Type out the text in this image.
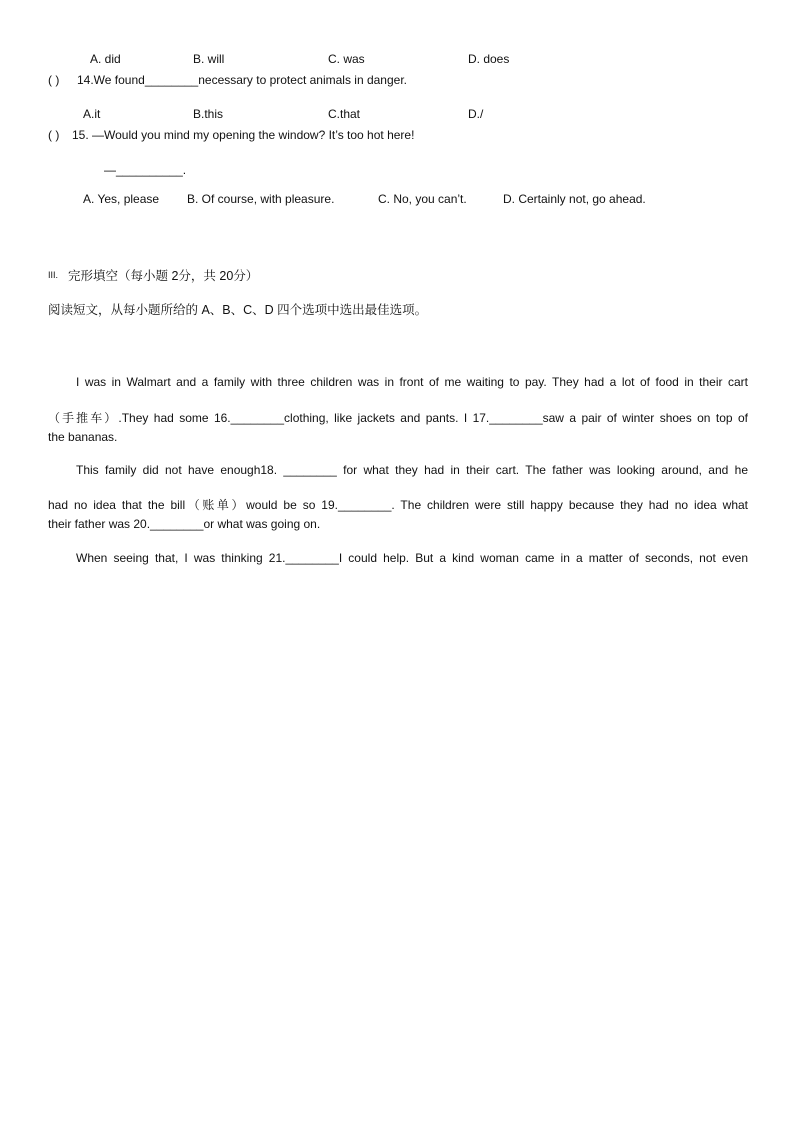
A. did	B. will	C. was	D. does
( ) 14.We found________necessary to protect animals in danger.
A.it	B.this	C.that	D./
( ) 15. —Would you mind my opening the window? It’s too hot here!
—__________.
A. Yes, please B. Of course, with pleasure.	C. No, you can’t.	D. Certainly not, go ahead.
III. 完形填空（每小题 2分，共 20分）
阅读短文，从每小题所给的 A、B、C、D 四个选项中选出最佳选项。
I was in Walmart and a family with three children was in front of me waiting to pay. They had a lot of food in their cart
（手推车）.They had some 16.________clothing, like jackets and pants. I 17.________saw a pair of winter shoes on top of
the bananas.
This family did not have enough18. ________ for what they had in their cart. The father was looking around, and he
had no idea that the bill（账单）would be so 19.________. The children were still happy because they had no idea what
their father was 20.________or what was going on.
When seeing that, I was thinking 21.________I could help. But a kind woman came in a matter of seconds, not even
